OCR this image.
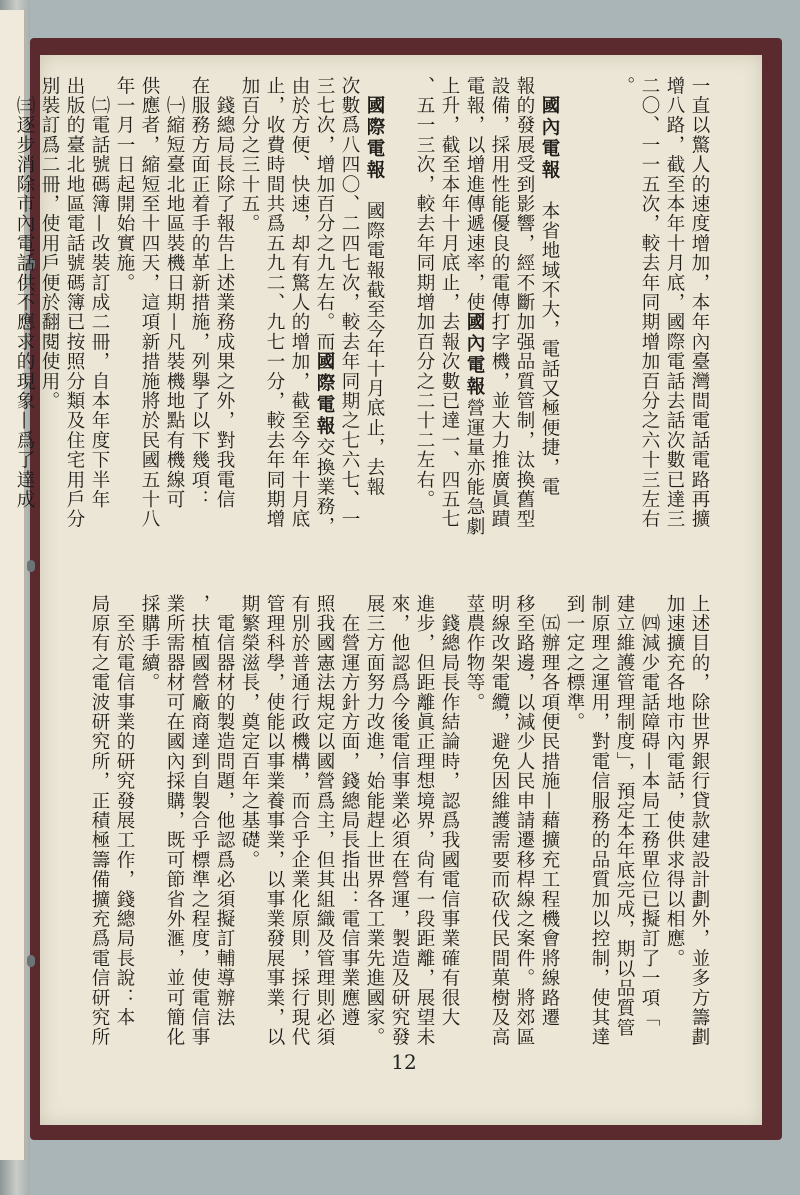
一直以驚人的速度增加，本年內臺灣間電話電路再擴
增八路，截至本年十月底，國際電話去話次數已達三
二〇、一一五次，較去年同期增加百分之六十三左右
。

　國內電報　本省地域不大，電話又極便捷，電
報的發展受到影響，經不斷加强品質管制，汰換舊型
設備，採用性能優良的電傳打字機，並大力推廣眞蹟
電報，以增進傳遞速率，使國內電報營運量亦能急劇
上升，截至本年十月底止，去報次數已達一、四五七
、五一三次，較去年同期增加百分之二十二左右。

　國際電報　國際電報截至今年十月底止，去報
次數爲八四〇、二四七次，較去年同期之七六七、一
三七次，增加百分之九左右。而國際電報交換業務，
由於方便、快速，却有驚人的增加，截至今年十月底
止，收費時間共爲五九二、九七一分，較去年同期增
加百分之三十五。
　錢總局長除了報告上述業務成果之外，對我電信
在服務方面正着手的革新措施，列擧了以下幾項：
　㈠縮短臺北地區裝機日期—凡裝機地點有機線可
供應者，縮短至十四天，這項新措施將於民國五十八
年一月一日起開始實施。
　㈡電話號碼簿—改裝訂成二冊，自本年度下半年
出版的臺北地區電話號碼簿已按照分類及住宅用戶分
別裝訂爲二冊，使用戶便於翻閱使用。
　㈢逐步消除市內電話供不應求的現象—爲了達成
上述目的，除世界銀行貸款建設計劃外，並多方籌劃
加速擴充各地市內電話，使供求得以相應。
　㈣減少電話障碍—本局工務單位已擬訂了一項「
建立維護管理制度」，預定本年底完成，期以品質管
制原理之運用，對電信服務的品質加以控制，使其達
到一定之標準。
　㈤辦理各項便民措施—藉擴充工程機會將線路遷
移至路邊，以減少人民申請遷移桿線之案件。將郊區
明線改架電纜，避免因維護需要而砍伐民間菓樹及高
莖農作物等。
　錢總局長作結論時，認爲我國電信事業確有很大
進步，但距離眞正理想境界，尙有一段距離，展望未
來，他認爲今後電信事業必須在營運，製造及研究發
展三方面努力改進，始能趕上世界各工業先進國家。
　在營運方針方面，錢總局長指出：電信事業應遵
照我國憲法規定以國營爲主，但其組織及管理則必須
有別於普通行政機構，而合乎企業化原則，採行現代
管理科學，使能以事業養事業，以事業發展事業，以
期繁榮滋長，奠定百年之基礎。
　電信器材的製造問題，他認爲必須擬訂輔導辦法
，扶植國營廠商達到自製合乎標準之程度，使電信事
業所需器材可在國內採購，既可節省外滙，並可簡化
採購手續。
　至於電信事業的研究發展工作，錢總局長說：本
局原有之電波研究所，正積極籌備擴充爲電信研究所
12
